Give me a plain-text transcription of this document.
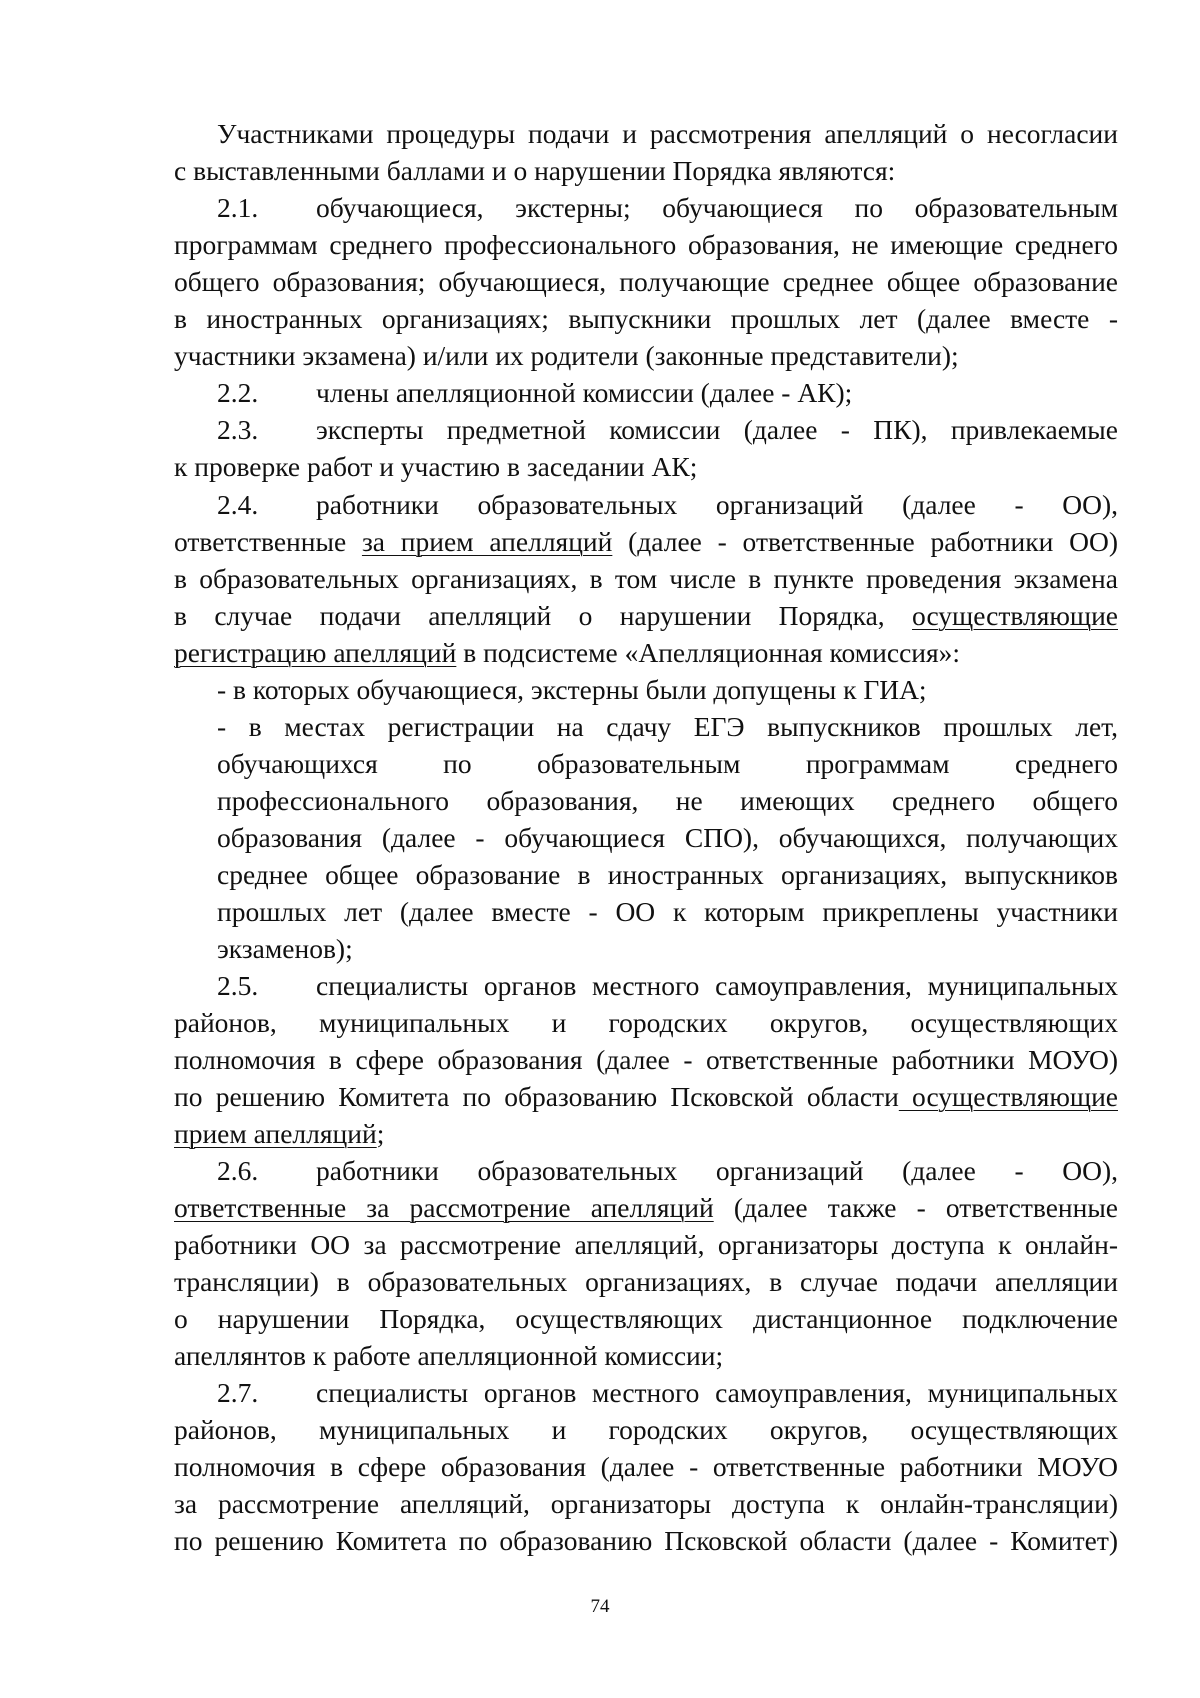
Участниками процедуры подачи и рассмотрения апелляций о несогласии
с выставленными баллами и о нарушении Порядка являются:
2.1.	обучающиеся, экстерны; обучающиеся по образовательным
программам среднего профессионального образования, не имеющие среднего
общего образования; обучающиеся, получающие среднее общее образование
в иностранных организациях; выпускники прошлых лет (далее вместе -
участники экзамена) и/или их родители (законные представители);
2.2.	члены апелляционной комиссии (далее - АК);
2.3.	эксперты предметной комиссии (далее - ПК), привлекаемые
к проверке работ и участию в заседании АК;
2.4.	работники образовательных организаций (далее - ОО),
ответственные за прием апелляций (далее - ответственные работники ОО)
в образовательных организациях, в том числе в пункте проведения экзамена
в случае подачи апелляций о нарушении Порядка, осуществляющие
регистрацию апелляций в подсистеме «Апелляционная комиссия»:
- в которых обучающиеся, экстерны были допущены к ГИА;
- в местах регистрации на сдачу ЕГЭ выпускников прошлых лет,
обучающихся по образовательным программам среднего
профессионального образования, не имеющих среднего общего
образования (далее - обучающиеся СПО), обучающихся, получающих
среднее общее образование в иностранных организациях, выпускников
прошлых лет (далее вместе - ОО к которым прикреплены участники
экзаменов);
2.5.	специалисты органов местного самоуправления, муниципальных
районов, муниципальных и городских округов, осуществляющих
полномочия в сфере образования (далее - ответственные работники МОУО)
по решению Комитета по образованию Псковской области осуществляющие
прием апелляций;
2.6.	работники образовательных организаций (далее - ОО),
ответственные за рассмотрение апелляций (далее также - ответственные
работники ОО за рассмотрение апелляций, организаторы доступа к онлайн-
трансляции) в образовательных организациях, в случае подачи апелляции
о нарушении Порядка, осуществляющих дистанционное подключение
апеллянтов к работе апелляционной комиссии;
2.7.	специалисты органов местного самоуправления, муниципальных
районов, муниципальных и городских округов, осуществляющих
полномочия в сфере образования (далее - ответственные работники МОУО
за рассмотрение апелляций, организаторы доступа к онлайн-трансляции)
по решению Комитета по образованию Псковской области (далее - Комитет)
74
